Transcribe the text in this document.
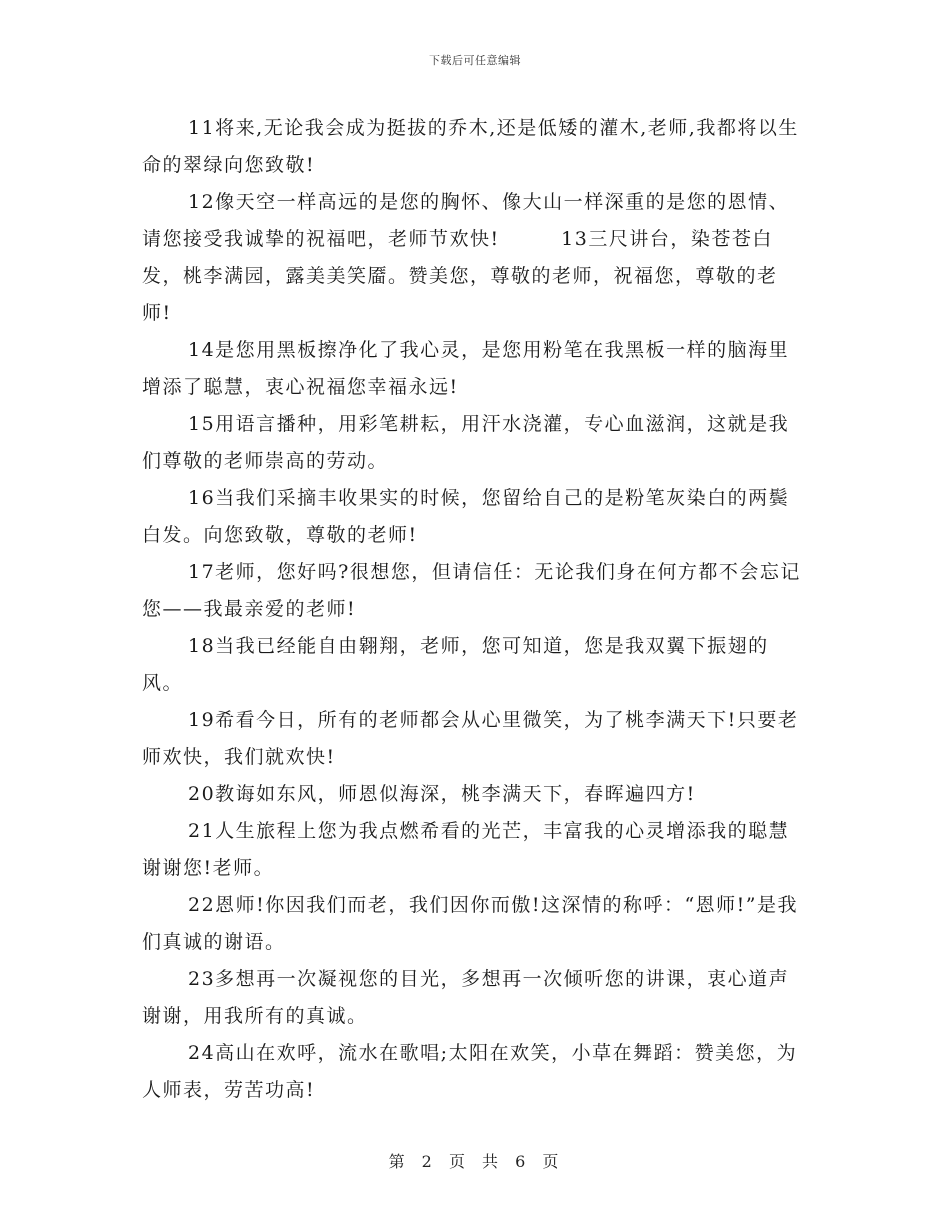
下载后可任意编辑

11将来,无论我会成为挺拔的乔木,还是低矮的灌木,老师,我都将以生命的翠绿向您致敬!

12像天空一样高远的是您的胸怀、像大山一样深重的是您的恩情、请您接受我诚挚的祝福吧，老师节欢快!　　　13三尺讲台，染苍苍白发，桃李满园，露美美笑靥。赞美您，尊敬的老师，祝福您，尊敬的老师!

14是您用黑板擦净化了我心灵，是您用粉笔在我黑板一样的脑海里增添了聪慧，衷心祝福您幸福永远!

15用语言播种，用彩笔耕耘，用汗水浇灌，专心血滋润，这就是我们尊敬的老师崇高的劳动。

16当我们采摘丰收果实的时候，您留给自己的是粉笔灰染白的两鬓白发。向您致敬，尊敬的老师!

17老师，您好吗?很想您，但请信任：无论我们身在何方都不会忘记您——我最亲爱的老师!

18当我已经能自由翱翔，老师，您可知道，您是我双翼下振翅的风。

19希看今日，所有的老师都会从心里微笑，为了桃李满天下!只要老师欢快，我们就欢快!

20教诲如东风，师恩似海深，桃李满天下，春晖遍四方!

21人生旅程上您为我点燃希看的光芒，丰富我的心灵增添我的聪慧谢谢您!老师。

22恩师!你因我们而老，我们因你而傲!这深情的称呼：“恩师!”是我们真诚的谢语。

23多想再一次凝视您的目光，多想再一次倾听您的讲课，衷心道声谢谢，用我所有的真诚。

24高山在欢呼，流水在歌唱;太阳在欢笑，小草在舞蹈：赞美您，为人师表，劳苦功高!

第 2 页 共 6 页
